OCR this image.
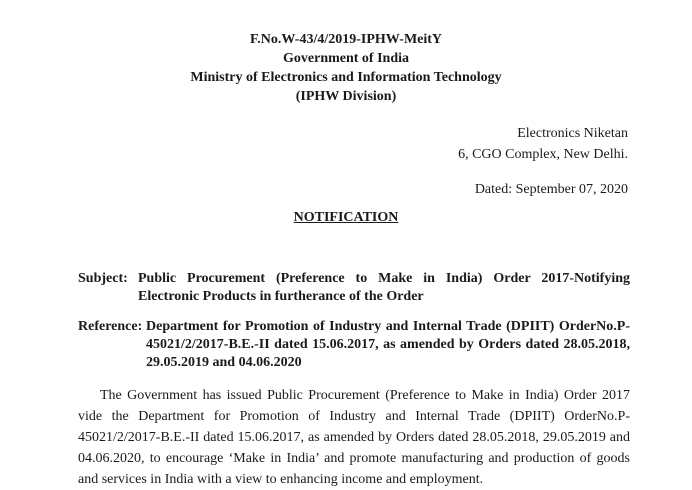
F.No.W-43/4/2019-IPHW-MeitY
Government of India
Ministry of Electronics and Information Technology
(IPHW Division)
Electronics Niketan
6, CGO Complex, New Delhi.
Dated: September 07, 2020
NOTIFICATION
Subject: Public Procurement (Preference to Make in India) Order 2017-Notifying Electronic Products in furtherance of the Order
Reference: Department for Promotion of Industry and Internal Trade (DPIIT) OrderNo.P-45021/2/2017-B.E.-II dated 15.06.2017, as amended by Orders dated 28.05.2018, 29.05.2019 and 04.06.2020
The Government has issued Public Procurement (Preference to Make in India) Order 2017 vide the Department for Promotion of Industry and Internal Trade (DPIIT) OrderNo.P-45021/2/2017-B.E.-II dated 15.06.2017, as amended by Orders dated 28.05.2018, 29.05.2019 and 04.06.2020, to encourage ‘Make in India’ and promote manufacturing and production of goods and services in India with a view to enhancing income and employment.
